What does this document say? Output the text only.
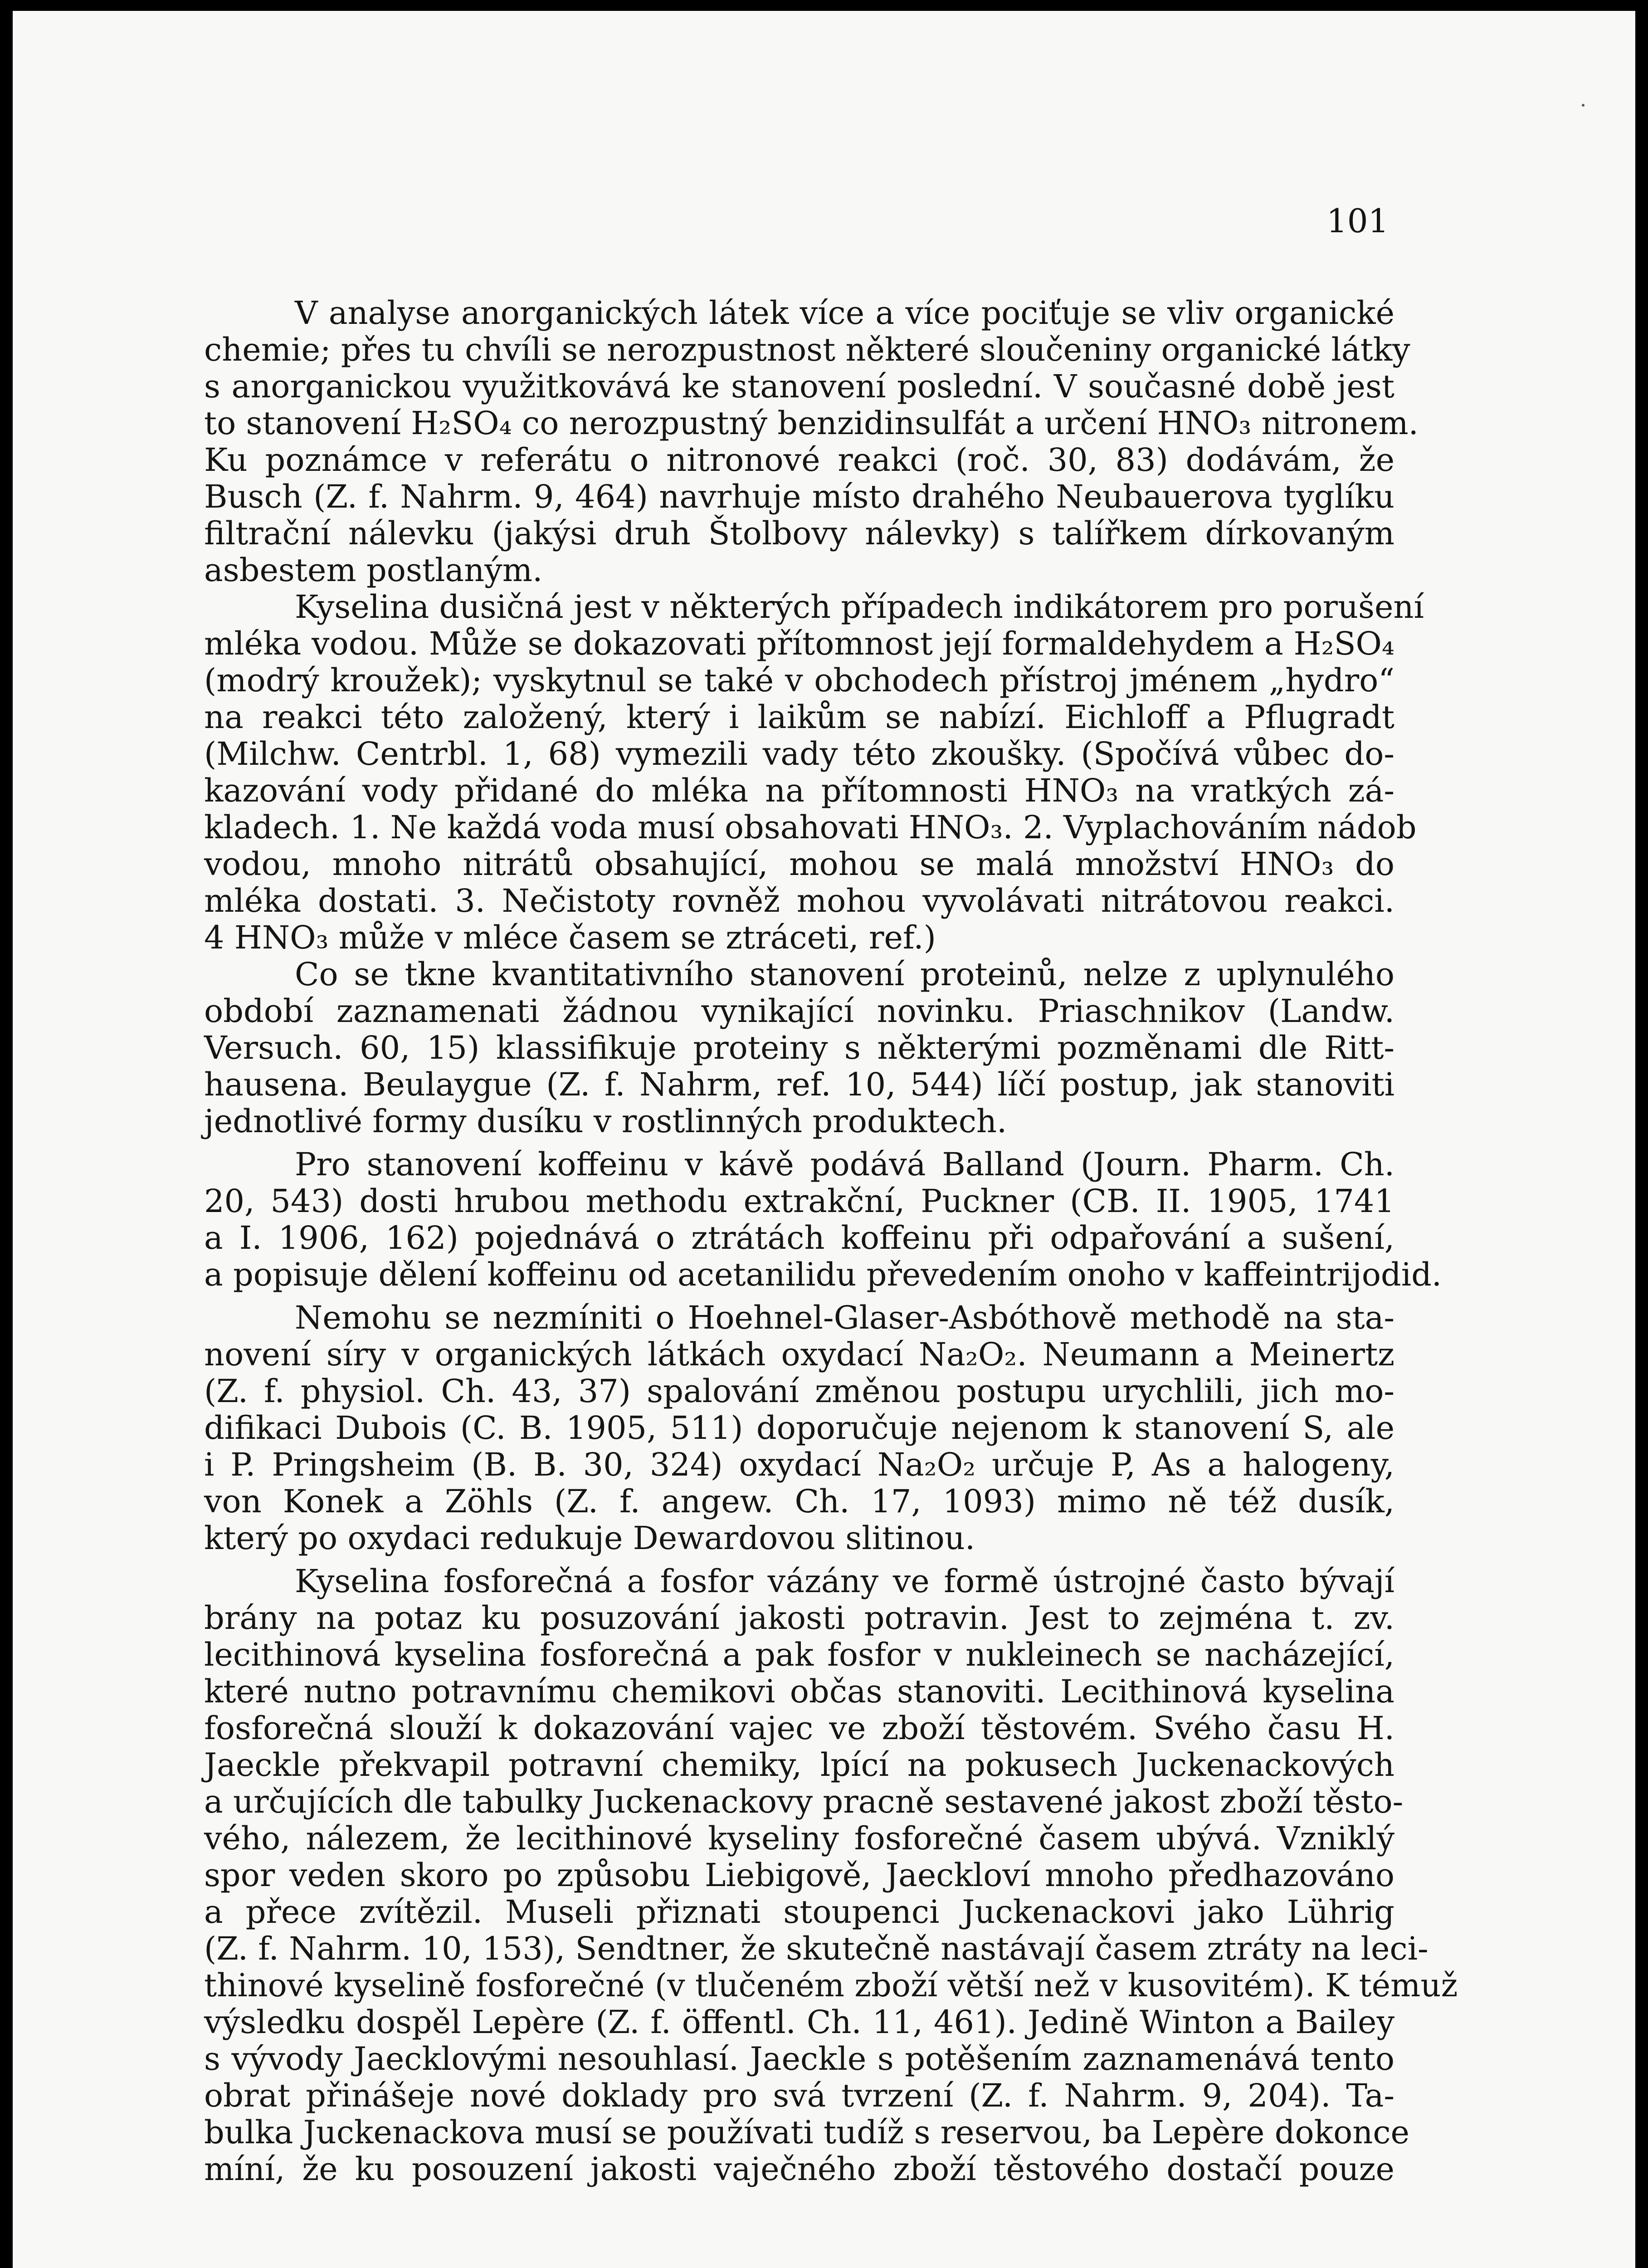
101
V analyse anorganických látek více a více pociťuje se vliv organické
chemie; přes tu chvíli se nerozpustnost některé sloučeniny organické látky
s anorganickou využitkovává ke stanovení poslední. V současné době jest
to stanovení H₂SO₄ co nerozpustný benzidinsulfát a určení HNO₃ nitronem.
Ku poznámce v referátu o nitronové reakci (roč. 30, 83) dodávám, že
Busch (Z. f. Nahrm. 9, 464) navrhuje místo drahého Neubauerova tyglíku
filtrační nálevku (jakýsi druh Štolbovy nálevky) s talířkem dírkovaným
asbestem postlaným.
Kyselina dusičná jest v některých případech indikátorem pro porušení
mléka vodou. Může se dokazovati přítomnost její formaldehydem a H₂SO₄
(modrý kroužek); vyskytnul se také v obchodech přístroj jménem „hydro“
na reakci této založený, který i laikům se nabízí. Eichloff a Pflugradt
(Milchw. Centrbl. 1, 68) vymezili vady této zkoušky. (Spočívá vůbec do-
kazování vody přidané do mléka na přítomnosti HNO₃ na vratkých zá-
kladech. 1. Ne každá voda musí obsahovati HNO₃. 2. Vyplachováním nádob
vodou, mnoho nitrátů obsahující, mohou se malá množství HNO₃ do
mléka dostati. 3. Nečistoty rovněž mohou vyvolávati nitrátovou reakci.
4 HNO₃ může v mléce časem se ztráceti, ref.)
Co se tkne kvantitativního stanovení proteinů, nelze z uplynulého
období zaznamenati žádnou vynikající novinku. Priaschnikov (Landw.
Versuch. 60, 15) klassifikuje proteiny s některými pozměnami dle Ritt-
hausena. Beulaygue (Z. f. Nahrm, ref. 10, 544) líčí postup, jak stanoviti
jednotlivé formy dusíku v rostlinných produktech.
Pro stanovení koffeinu v kávě podává Balland (Journ. Pharm. Ch.
20, 543) dosti hrubou methodu extrakční, Puckner (CB. II. 1905, 1741
a I. 1906, 162) pojednává o ztrátách koffeinu při odpařování a sušení,
a popisuje dělení koffeinu od acetanilidu převedením onoho v kaffeintrijodid.
Nemohu se nezmíniti o Hoehnel-Glaser-Asbóthově methodě na sta-
novení síry v organických látkách oxydací Na₂O₂. Neumann a Meinertz
(Z. f. physiol. Ch. 43, 37) spalování změnou postupu urychlili, jich mo-
difikaci Dubois (C. B. 1905, 511) doporučuje nejenom k stanovení S, ale
i P. Pringsheim (B. B. 30, 324) oxydací Na₂O₂ určuje P, As a halogeny,
von Konek a Zöhls (Z. f. angew. Ch. 17, 1093) mimo ně též dusík,
který po oxydaci redukuje Dewardovou slitinou.
Kyselina fosforečná a fosfor vázány ve formě ústrojné často bývají
brány na potaz ku posuzování jakosti potravin. Jest to zejména t. zv.
lecithinová kyselina fosforečná a pak fosfor v nukleinech se nacházející,
které nutno potravnímu chemikovi občas stanoviti. Lecithinová kyselina
fosforečná slouží k dokazování vajec ve zboží těstovém. Svého času H.
Jaeckle překvapil potravní chemiky, lpící na pokusech Juckenackových
a určujících dle tabulky Juckenackovy pracně sestavené jakost zboží těsto-
vého, nálezem, že lecithinové kyseliny fosforečné časem ubývá. Vzniklý
spor veden skoro po způsobu Liebigově, Jaeckloví mnoho předhazováno
a přece zvítězil. Museli přiznati stoupenci Juckenackovi jako Lührig
(Z. f. Nahrm. 10, 153), Sendtner, že skutečně nastávají časem ztráty na leci-
thinové kyselině fosforečné (v tlučeném zboží větší než v kusovitém). K témuž
výsledku dospěl Lepère (Z. f. öffentl. Ch. 11, 461). Jedině Winton a Bailey
s vývody Jaecklovými nesouhlasí. Jaeckle s potěšením zaznamenává tento
obrat přinášeje nové doklady pro svá tvrzení (Z. f. Nahrm. 9, 204). Ta-
bulka Juckenackova musí se používati tudíž s reservou, ba Lepère dokonce
míní, že ku posouzení jakosti vaječného zboží těstového dostačí pouze
